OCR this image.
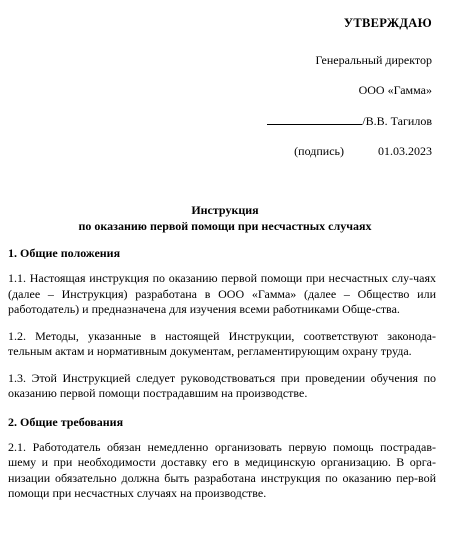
УТВЕРЖДАЮ
Генеральный директор
ООО «Гамма»
/В.В. Тагилов
(подпись)	01.03.2023
Инструкция
по оказанию первой помощи при несчастных случаях
1. Общие положения

1.1. Настоящая инструкция по оказанию первой помощи при несчастных слу-чаях (далее – Инструкция) разработана в ООО «Гамма» (далее – Общество или работодатель) и предназначена для изучения всеми работниками Обще-ства.

1.2. Методы, указанные в настоящей Инструкции, соответствуют законода-тельным актам и нормативным документам, регламентирующим охрану труда.

1.3. Этой Инструкцией следует руководствоваться при проведении обучения по оказанию первой помощи пострадавшим на производстве.

2. Общие требования

2.1. Работодатель обязан немедленно организовать первую помощь пострадав-шему и при необходимости доставку его в медицинскую организацию. В орга-низации обязательно должна быть разработана инструкция по оказанию пер-вой помощи при несчастных случаях на производстве.
